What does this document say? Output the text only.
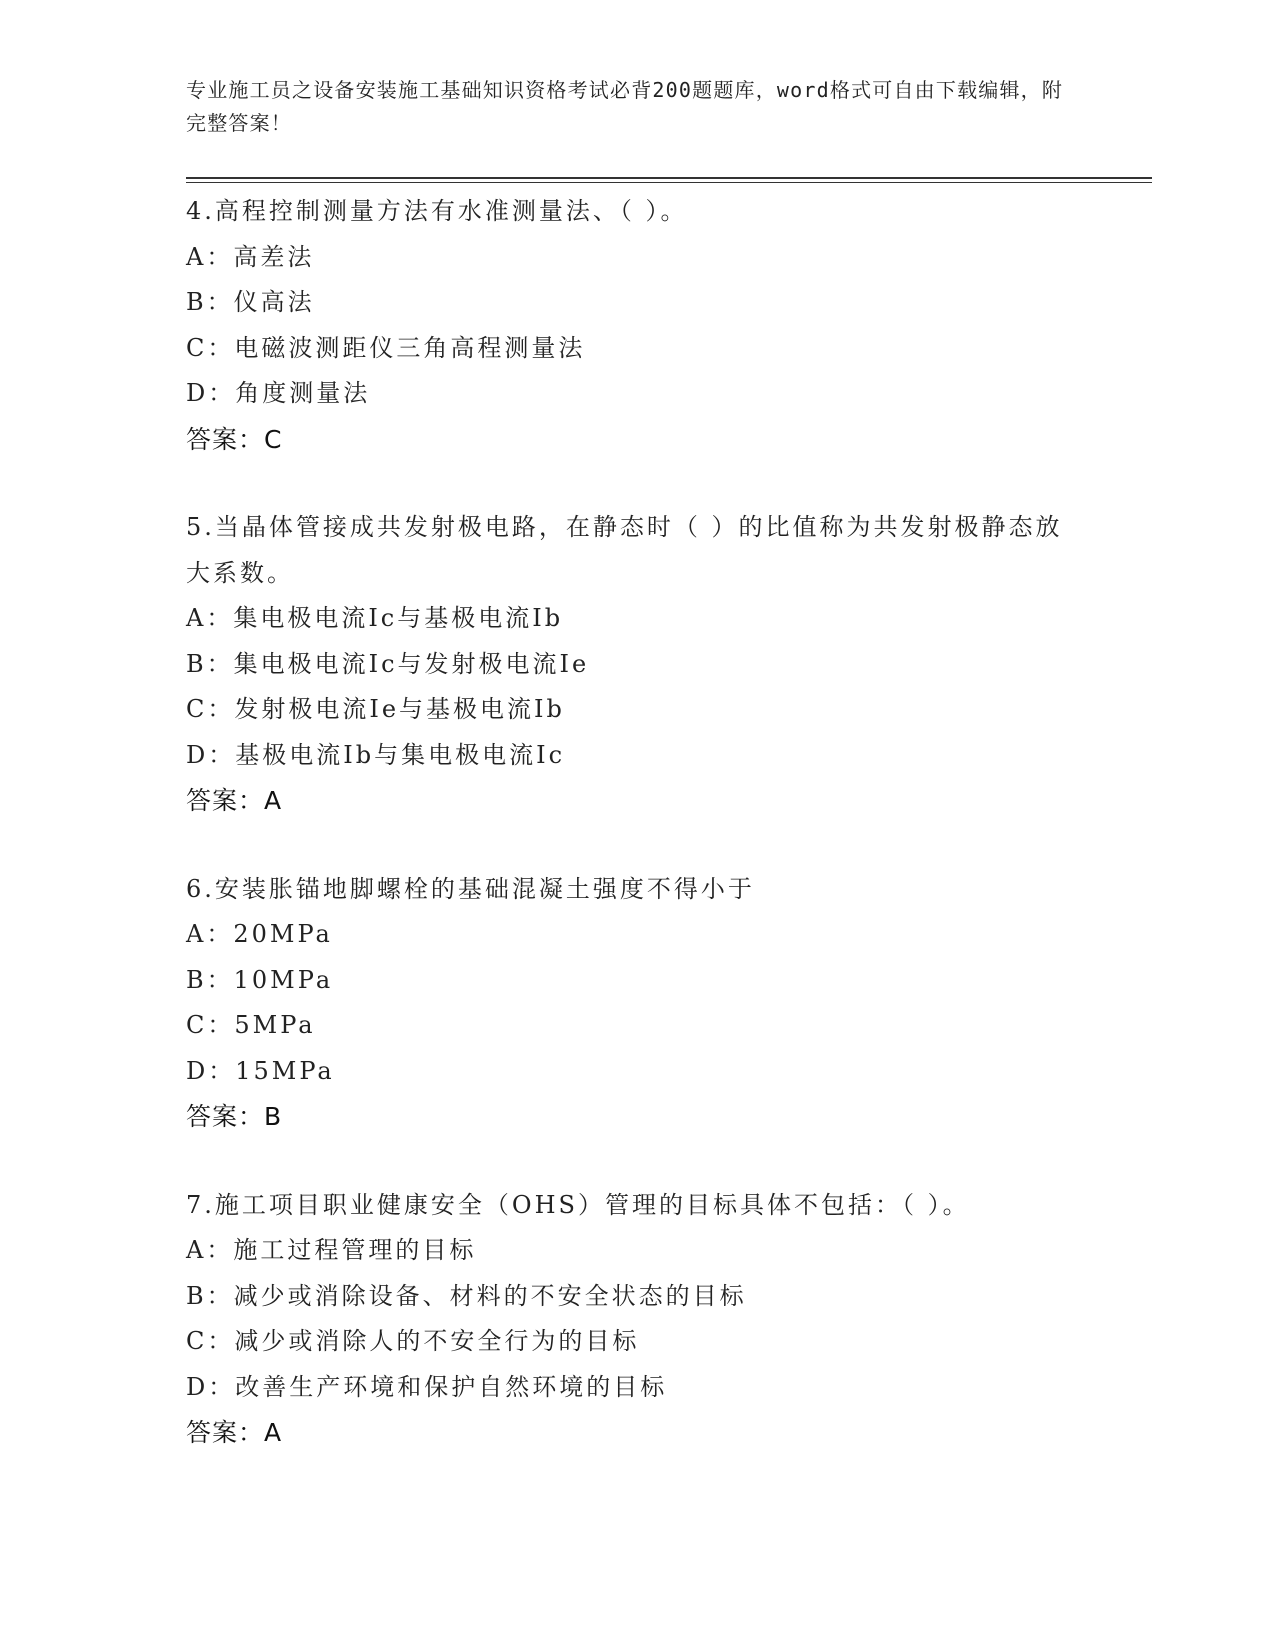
专业施工员之设备安装施工基础知识资格考试必背200题题库，word格式可自由下载编辑，附完整答案！
4.高程控制测量方法有水准测量法、（ ）。
A：高差法
B：仪高法
C：电磁波测距仪三角高程测量法
D：角度测量法
答案：C
5.当晶体管接成共发射极电路，在静态时（ ）的比值称为共发射极静态放大系数。
A：集电极电流Ic与基极电流Ib
B：集电极电流Ic与发射极电流Ie
C：发射极电流Ie与基极电流Ib
D：基极电流Ib与集电极电流Ic
答案：A
6.安装胀锚地脚螺栓的基础混凝土强度不得小于
A：20MPa
B：10MPa
C：5MPa
D：15MPa
答案：B
7.施工项目职业健康安全（OHS）管理的目标具体不包括：（ ）。
A：施工过程管理的目标
B：减少或消除设备、材料的不安全状态的目标
C：减少或消除人的不安全行为的目标
D：改善生产环境和保护自然环境的目标
答案：A
